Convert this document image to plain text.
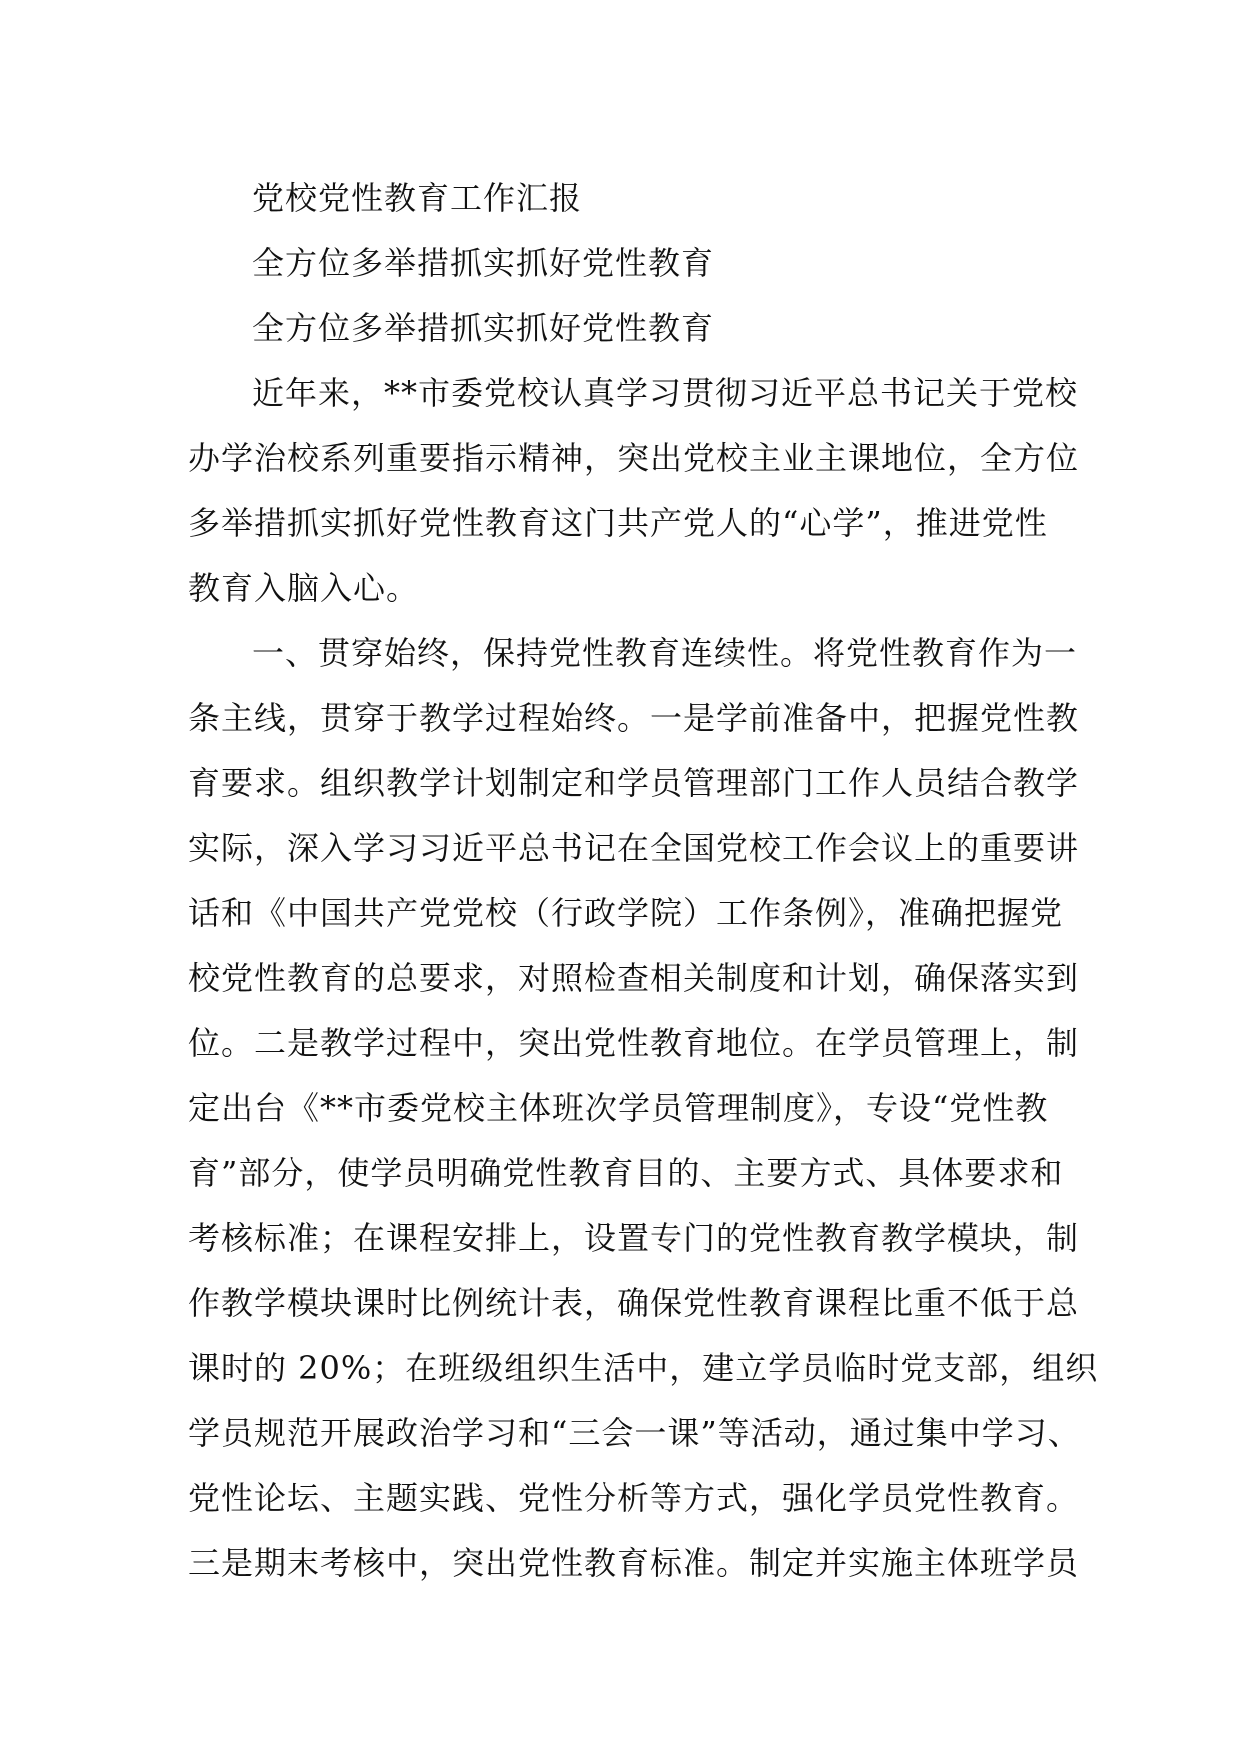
党校党性教育工作汇报
全方位多举措抓实抓好党性教育
全方位多举措抓实抓好党性教育
近年来，**市委党校认真学习贯彻习近平总书记关于党校
办学治校系列重要指示精神，突出党校主业主课地位，全方位
多举措抓实抓好党性教育这门共产党人的“心学”，推进党性
教育入脑入心。
一、贯穿始终，保持党性教育连续性。将党性教育作为一
条主线，贯穿于教学过程始终。一是学前准备中，把握党性教
育要求。组织教学计划制定和学员管理部门工作人员结合教学
实际，深入学习习近平总书记在全国党校工作会议上的重要讲
话和《中国共产党党校（行政学院）工作条例》，准确把握党
校党性教育的总要求，对照检查相关制度和计划，确保落实到
位。二是教学过程中，突出党性教育地位。在学员管理上，制
定出台《**市委党校主体班次学员管理制度》，专设“党性教
育”部分，使学员明确党性教育目的、主要方式、具体要求和
考核标准；在课程安排上，设置专门的党性教育教学模块，制
作教学模块课时比例统计表，确保党性教育课程比重不低于总
课时的 20%；在班级组织生活中，建立学员临时党支部，组织
学员规范开展政治学习和“三会一课”等活动，通过集中学习、
党性论坛、主题实践、党性分析等方式，强化学员党性教育。
三是期末考核中，突出党性教育标准。制定并实施主体班学员
